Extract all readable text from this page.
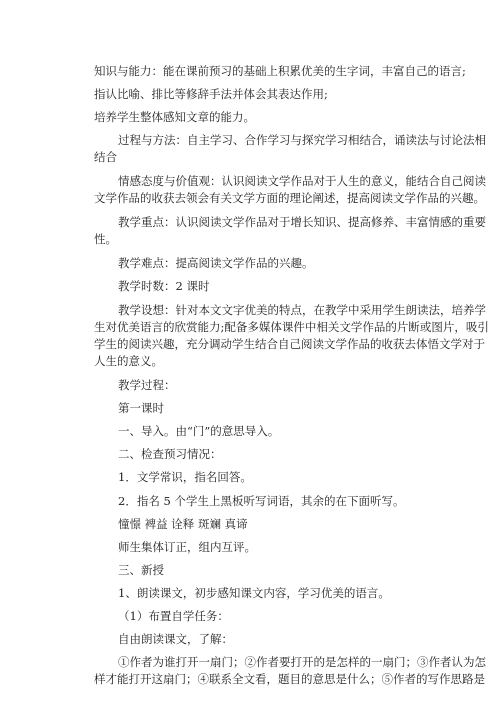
知识与能力：能在课前预习的基础上积累优美的生字词，丰富自己的语言;
指认比喻、排比等修辞手法并体会其表达作用;
培养学生整体感知文章的能力。
过程与方法：自主学习、合作学习与探究学习相结合，诵读法与讨论法相
结合
情感态度与价值观：认识阅读文学作品对于人生的意义，能结合自己阅读
文学作品的收获去领会有关文学方面的理论阐述，提高阅读文学作品的兴趣。
教学重点：认识阅读文学作品对于增长知识、提高修养、丰富情感的重要
性。
教学难点：提高阅读文学作品的兴趣。
教学时数：2 课时
教学设想：针对本文文字优美的特点，在教学中采用学生朗读法，培养学
生对优美语言的欣赏能力;配备多媒体课件中相关文学作品的片断或图片，吸引
学生的阅读兴趣，充分调动学生结合自己阅读文学作品的收获去体悟文学对于
人生的意义。
教学过程：
第一课时
一、导入。由“门”的意思导入。
二、检查预习情况：
1．文学常识，指名回答。
2．指名 5 个学生上黑板听写词语，其余的在下面听写。
憧憬 裨益 诠释 斑斓 真谛
师生集体订正，组内互评。
三、新授
1、朗读课文，初步感知课文内容，学习优美的语言。
（1）布置自学任务：
自由朗读课文，了解：
①作者为谁打开一扇门；②作者要打开的是怎样的一扇门；③作者认为怎
样才能打开这扇门；④联系全文看，题目的意思是什么；⑤作者的写作思路是
